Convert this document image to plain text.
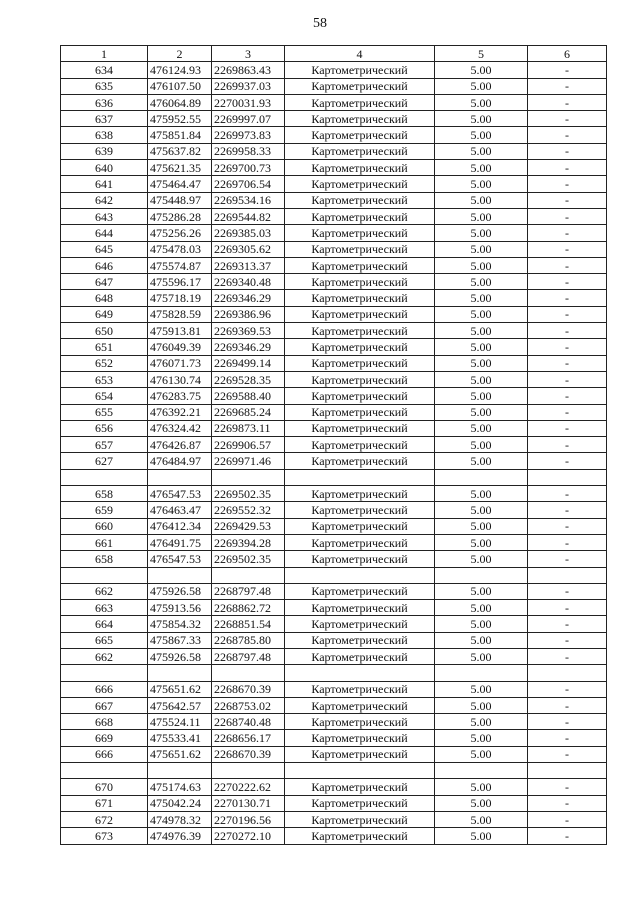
58
1	2	3	4	5	6
634	476124.93	2269863.43	Картометрический	5.00	-
635	476107.50	2269937.03	Картометрический	5.00	-
636	476064.89	2270031.93	Картометрический	5.00	-
637	475952.55	2269997.07	Картометрический	5.00	-
638	475851.84	2269973.83	Картометрический	5.00	-
639	475637.82	2269958.33	Картометрический	5.00	-
640	475621.35	2269700.73	Картометрический	5.00	-
641	475464.47	2269706.54	Картометрический	5.00	-
642	475448.97	2269534.16	Картометрический	5.00	-
643	475286.28	2269544.82	Картометрический	5.00	-
644	475256.26	2269385.03	Картометрический	5.00	-
645	475478.03	2269305.62	Картометрический	5.00	-
646	475574.87	2269313.37	Картометрический	5.00	-
647	475596.17	2269340.48	Картометрический	5.00	-
648	475718.19	2269346.29	Картометрический	5.00	-
649	475828.59	2269386.96	Картометрический	5.00	-
650	475913.81	2269369.53	Картометрический	5.00	-
651	476049.39	2269346.29	Картометрический	5.00	-
652	476071.73	2269499.14	Картометрический	5.00	-
653	476130.74	2269528.35	Картометрический	5.00	-
654	476283.75	2269588.40	Картометрический	5.00	-
655	476392.21	2269685.24	Картометрический	5.00	-
656	476324.42	2269873.11	Картометрический	5.00	-
657	476426.87	2269906.57	Картометрический	5.00	-
627	476484.97	2269971.46	Картометрический	5.00	-

658	476547.53	2269502.35	Картометрический	5.00	-
659	476463.47	2269552.32	Картометрический	5.00	-
660	476412.34	2269429.53	Картометрический	5.00	-
661	476491.75	2269394.28	Картометрический	5.00	-
658	476547.53	2269502.35	Картометрический	5.00	-

662	475926.58	2268797.48	Картометрический	5.00	-
663	475913.56	2268862.72	Картометрический	5.00	-
664	475854.32	2268851.54	Картометрический	5.00	-
665	475867.33	2268785.80	Картометрический	5.00	-
662	475926.58	2268797.48	Картометрический	5.00	-

666	475651.62	2268670.39	Картометрический	5.00	-
667	475642.57	2268753.02	Картометрический	5.00	-
668	475524.11	2268740.48	Картометрический	5.00	-
669	475533.41	2268656.17	Картометрический	5.00	-
666	475651.62	2268670.39	Картометрический	5.00	-

670	475174.63	2270222.62	Картометрический	5.00	-
671	475042.24	2270130.71	Картометрический	5.00	-
672	474978.32	2270196.56	Картометрический	5.00	-
673	474976.39	2270272.10	Картометрический	5.00	-
